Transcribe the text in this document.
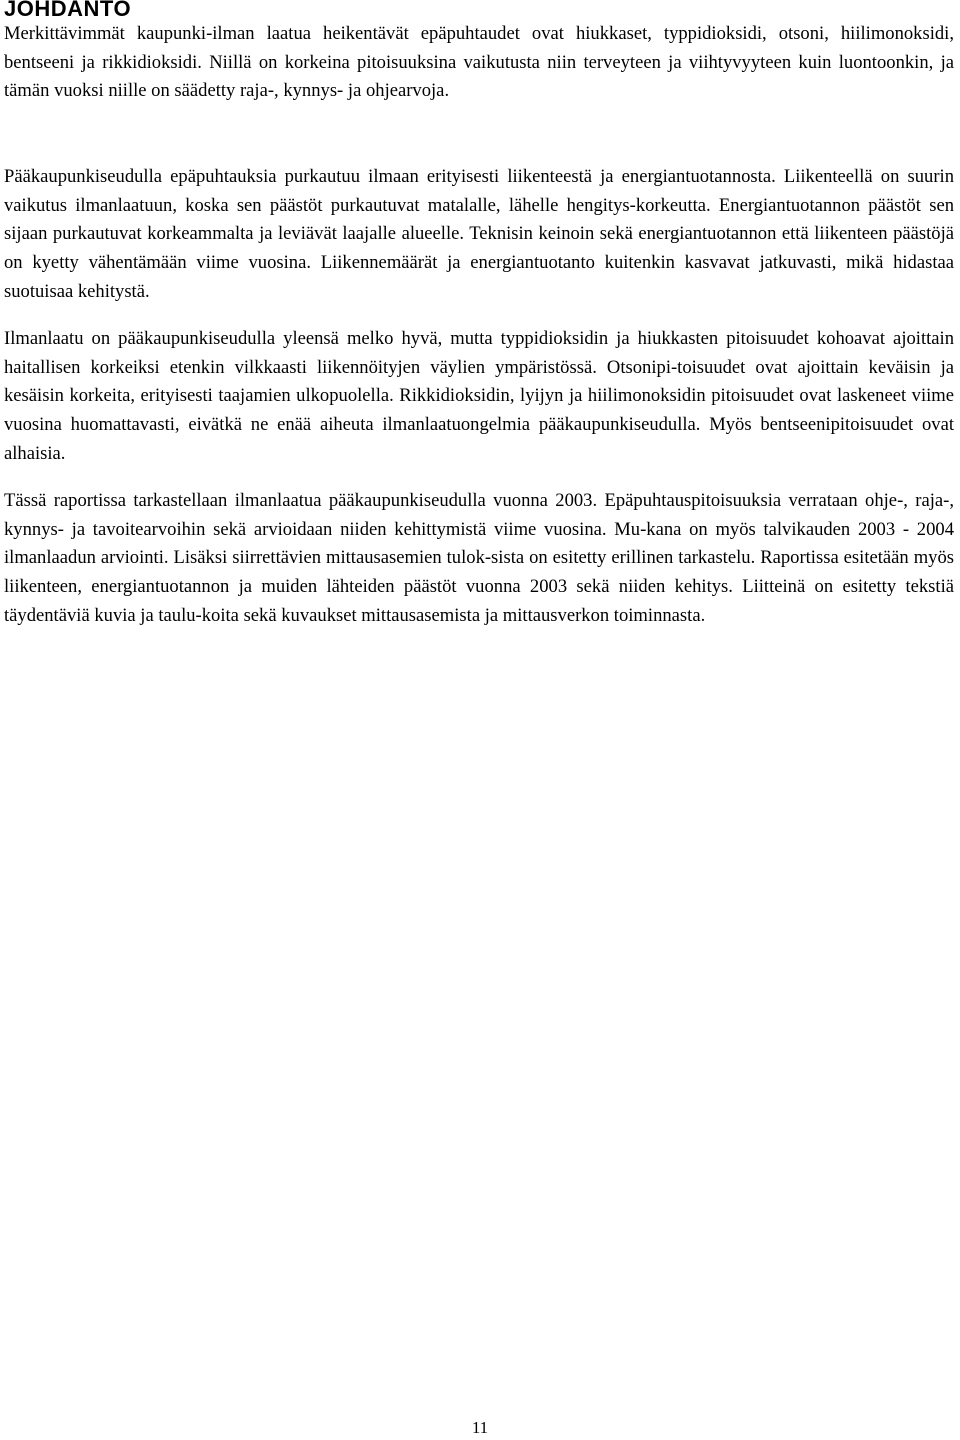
JOHDANTO

Merkittävimmät kaupunki-ilman laatua heikentävät epäpuhtaudet ovat hiukkaset, typpidioksidi, otsoni, hiilimonoksidi, bentseeni ja rikkidioksidi. Niillä on korkeina pitoisuuksina vaikutusta niin terveyteen ja viihtyvyyteen kuin luontoonkin, ja tämän vuoksi niille on säädetty raja-, kynnys- ja ohjearvoja.

Pääkaupunkiseudulla epäpuhtauksia purkautuu ilmaan erityisesti liikenteestä ja energiantuotannosta. Liikenteellä on suurin vaikutus ilmanlaatuun, koska sen päästöt purkautuvat matalalle, lähelle hengitys-korkeutta. Energiantuotannon päästöt sen sijaan purkautuvat korkeammalta ja leviävät laajalle alueelle. Teknisin keinoin sekä energiantuotannon että liikenteen päästöjä on kyetty vähentämään viime vuosina. Liikennemäärät ja energiantuotanto kuitenkin kasvavat jatkuvasti, mikä hidastaa suotuisaa kehitystä.

Ilmanlaatu on pääkaupunkiseudulla yleensä melko hyvä, mutta typpidioksidin ja hiukkasten pitoisuudet kohoavat ajoittain haitallisen korkeiksi etenkin vilkkaasti liikennöityjen väylien ympäristössä. Otsonipi-toisuudet ovat ajoittain keväisin ja kesäisin korkeita, erityisesti taajamien ulkopuolella. Rikkidioksidin, lyijyn ja hiilimonoksidin pitoisuudet ovat laskeneet viime vuosina huomattavasti, eivätkä ne enää aiheuta ilmanlaatuongelmia pääkaupunkiseudulla. Myös bentseenipitoisuudet ovat alhaisia.

Tässä raportissa tarkastellaan ilmanlaatua pääkaupunkiseudulla vuonna 2003. Epäpuhtauspitoisuuksia verrataan ohje-, raja-, kynnys- ja tavoitearvoihin sekä arvioidaan niiden kehittymistä viime vuosina. Mu-kana on myös talvikauden 2003 - 2004 ilmanlaadun arviointi. Lisäksi siirrettävien mittausasemien tulok-sista on esitetty erillinen tarkastelu. Raportissa esitetään myös liikenteen, energiantuotannon ja muiden lähteiden päästöt vuonna 2003 sekä niiden kehitys. Liitteinä on esitetty tekstiä täydentäviä kuvia ja taulu-koita sekä kuvaukset mittausasemista ja mittausverkon toiminnasta.

11
